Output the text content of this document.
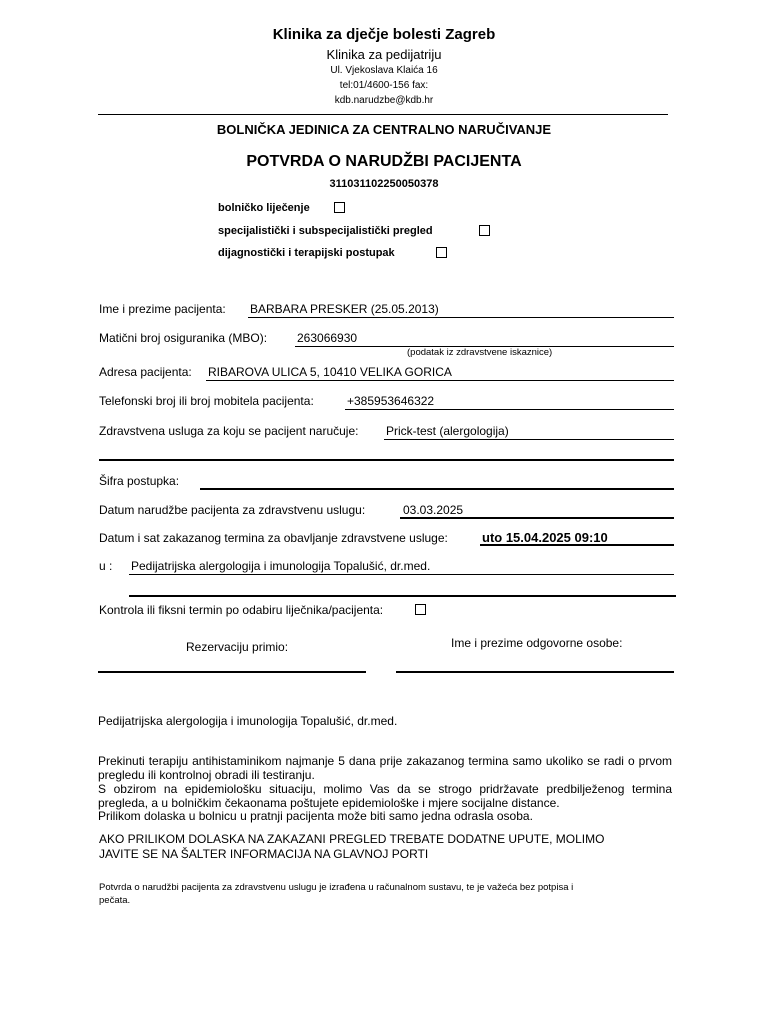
Klinika za dječje bolesti Zagreb
Klinika za pedijatriju
Ul. Vjekoslava Klaića 16
tel:01/4600-156 fax:
kdb.narudzbe@kdb.hr
BOLNIČKA JEDINICA ZA CENTRALNO NARUČIVANJE
POTVRDA O NARUDŽBI PACIJENTA
311031102250050378
bolničko liječenje
specijalistički i subspecijalistički pregled
dijagnostički i terapijski postupak
Ime i prezime pacijenta: BARBARA PRESKER (25.05.2013)
Matični broj osiguranika (MBO): 263066930
(podatak iz zdravstvene iskaznice)
Adresa pacijenta: RIBAROVA ULICA 5, 10410 VELIKA GORICA
Telefonski broj ili broj mobitela pacijenta:	+385953646322
Zdravstvena usluga za koju se pacijent naručuje: Prick-test (alergologija)
Šifra postupka:
Datum narudžbe pacijenta za zdravstvenu uslugu:	03.03.2025
Datum i sat zakazanog termina za obavljanje zdravstvene usluge:	uto 15.04.2025 09:10
u : Pedijatrijska alergologija i imunologija Topalušić, dr.med.
Kontrola ili fiksni termin po odabiru liječnika/pacijenta:
Rezervaciju primio:	Ime i prezime odgovorne osobe:
Pedijatrijska alergologija i imunologija Topalušić, dr.med.
Prekinuti terapiju antihistaminikom najmanje 5 dana prije zakazanog termina samo ukoliko se radi o prvom pregledu ili kontrolnoj obradi ili testiranju.
S obzirom na epidemiološku situaciju, molimo Vas da se strogo pridržavate predbilježenog termina pregleda, a u bolničkim čekaonama poštujete epidemiološke i mjere socijalne distance.
Prilikom dolaska u bolnicu u pratnji pacijenta može biti samo jedna odrasla osoba.
AKO PRILIKOM DOLASKA NA ZAKAZANI PREGLED TREBATE DODATNE UPUTE, MOLIMO
JAVITE SE NA ŠALTER INFORMACIJA NA GLAVNOJ PORTI
Potvrda o narudžbi pacijenta za zdravstvenu uslugu je izrađena u računalnom sustavu, te je važeća bez potpisa i pečata.
